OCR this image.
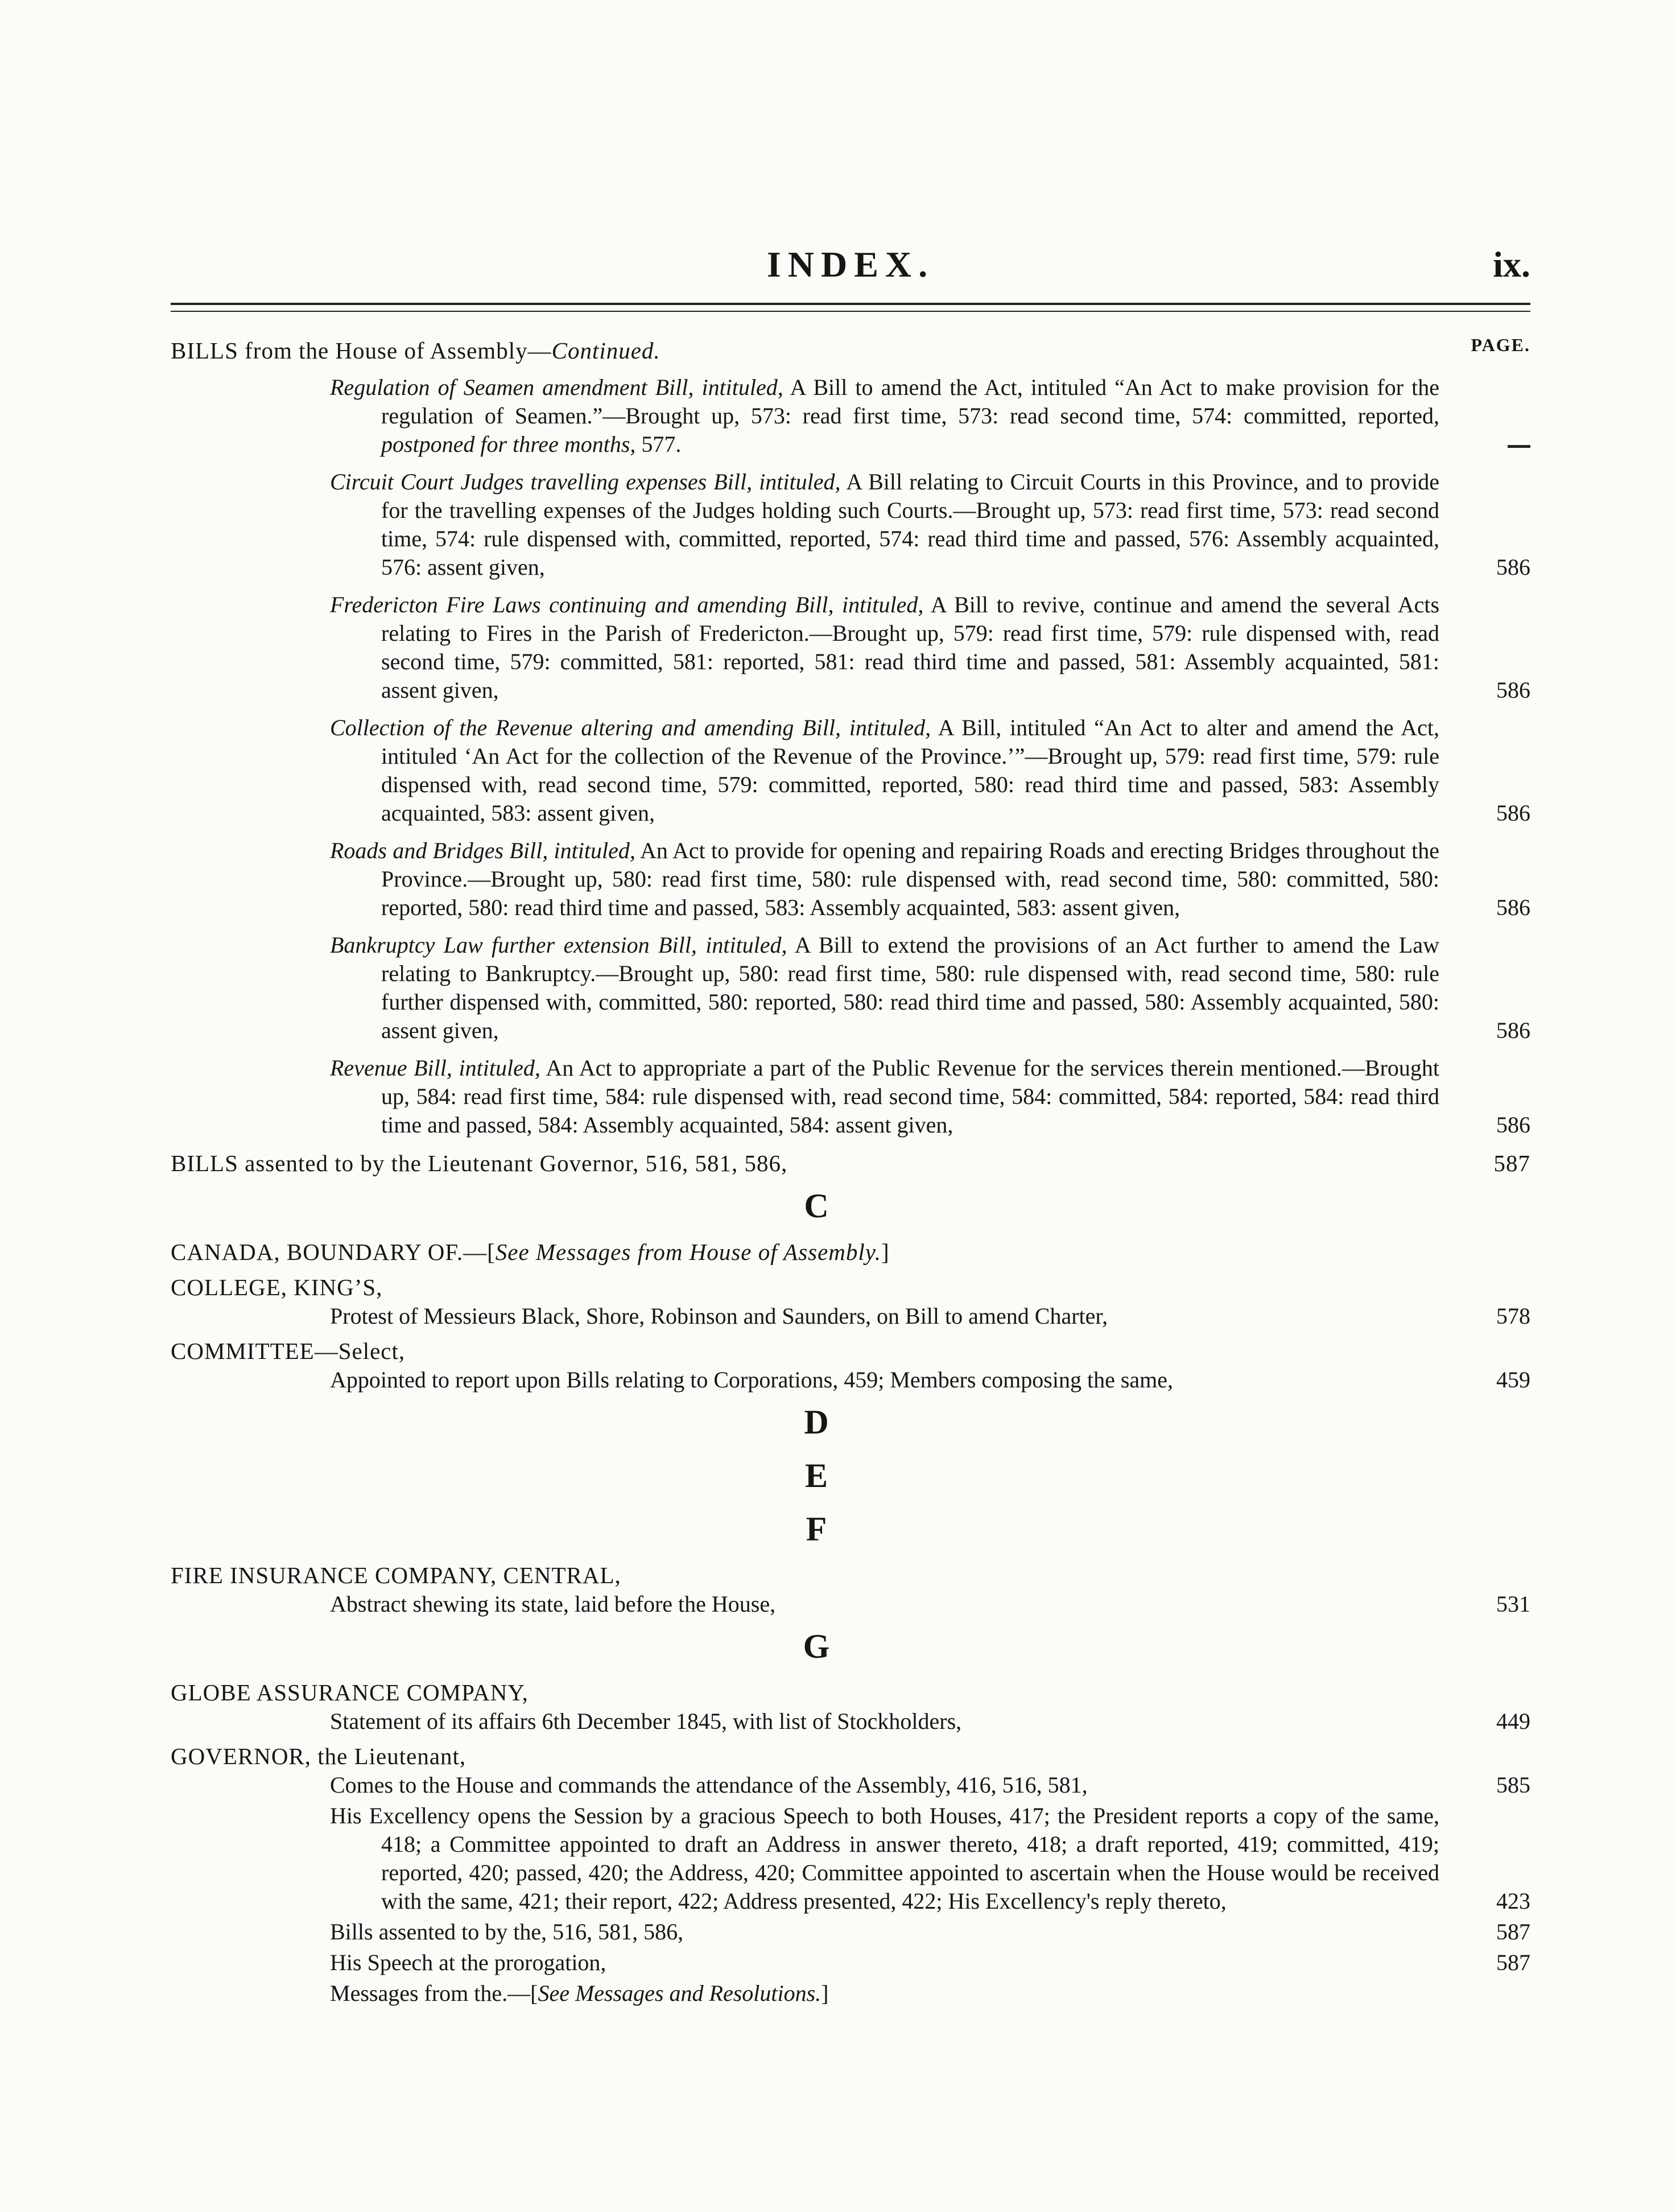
INDEX.	ix.
PAGE.
BILLS from the House of Assembly—Continued.
Regulation of Seamen amendment Bill, intituled, A Bill to amend the Act, intituled “An Act to make provision for the regulation of Seamen.”—Brought up, 573: read first time, 573: read second time, 574: committed, reported, postponed for three months, 577.
Circuit Court Judges travelling expenses Bill, intituled, A Bill relating to Circuit Courts in this Province, and to provide for the travelling expenses of the Judges holding such Courts.—Brought up, 573: read first time, 573: read second time, 574: rule dispensed with, committed, reported, 574: read third time and passed, 576: Assembly acquainted, 576: assent given,	586
Fredericton Fire Laws continuing and amending Bill, intituled, A Bill to revive, continue and amend the several Acts relating to Fires in the Parish of Fredericton.—Brought up, 579: read first time, 579: rule dispensed with, read second time, 579: committed, 581: reported, 581: read third time and passed, 581: Assembly acquainted, 581: assent given,	586
Collection of the Revenue altering and amending Bill, intituled, A Bill, intituled “An Act to alter and amend the Act, intituled ‘An Act for the collection of the Revenue of the Province.’”—Brought up, 579: read first time, 579: rule dispensed with, read second time, 579: committed, reported, 580: read third time and passed, 583: Assembly acquainted, 583: assent given,	586
Roads and Bridges Bill, intituled, An Act to provide for opening and repairing Roads and erecting Bridges throughout the Province.—Brought up, 580: read first time, 580: rule dispensed with, read second time, 580: committed, 580: reported, 580: read third time and passed, 583: Assembly acquainted, 583: assent given,	586
Bankruptcy Law further extension Bill, intituled, A Bill to extend the provisions of an Act further to amend the Law relating to Bankruptcy.—Brought up, 580: read first time, 580: rule dispensed with, read second time, 580: rule further dispensed with, committed, 580: reported, 580: read third time and passed, 580: Assembly acquainted, 580: assent given,	586
Revenue Bill, intituled, An Act to appropriate a part of the Public Revenue for the services therein mentioned.—Brought up, 584: read first time, 584: rule dispensed with, read second time, 584: committed, 584: reported, 584: read third time and passed, 584: Assembly acquainted, 584: assent given,	586
BILLS assented to by the Lieutenant Governor, 516, 581, 586,	587
C
CANADA, BOUNDARY OF.—[See Messages from House of Assembly.]
COLLEGE, KING’S,
Protest of Messieurs Black, Shore, Robinson and Saunders, on Bill to amend Charter,	578
COMMITTEE—Select,
Appointed to report upon Bills relating to Corporations, 459; Members composing the same,	459
D
E
F
FIRE INSURANCE COMPANY, CENTRAL,
Abstract shewing its state, laid before the House,	531
G
GLOBE ASSURANCE COMPANY,
Statement of its affairs 6th December 1845, with list of Stockholders,	449
GOVERNOR, the Lieutenant,
Comes to the House and commands the attendance of the Assembly, 416, 516, 581,	585
His Excellency opens the Session by a gracious Speech to both Houses, 417; the President reports a copy of the same, 418; a Committee appointed to draft an Address in answer thereto, 418; a draft reported, 419; committed, 419; reported, 420; passed, 420; the Address, 420; Committee appointed to ascertain when the House would be received with the same, 421; their report, 422; Address presented, 422; His Excellency's reply thereto,	423
Bills assented to by the, 516, 581, 586,	587
His Speech at the prorogation,	587
Messages from the.—[See Messages and Resolutions.]
